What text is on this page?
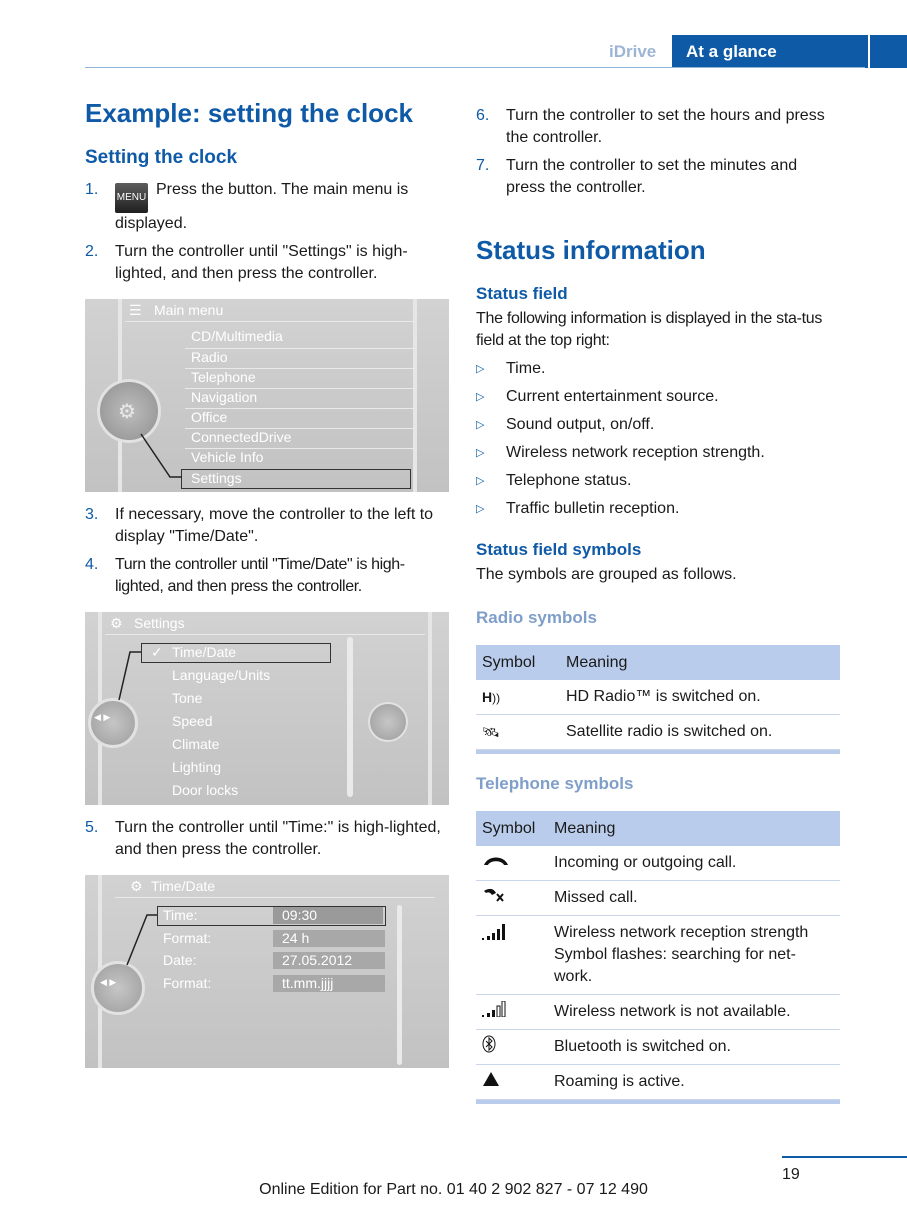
iDrive At a glance
Example: setting the clock
Setting the clock
1. MENU Press the button. The main menu is displayed.
2. Turn the controller until "Settings" is high-lighted, and then press the controller.
⚙
☰ Main menu
CD/Multimedia
Radio
Telephone
Navigation
Office
ConnectedDrive
Vehicle Info
Settings
3. If necessary, move the controller to the left to display "Time/Date".
4. Turn the controller until "Time/Date" is high-lighted, and then press the controller.
◀ ▶
⚙ Settings
✓ Time/Date
Language/Units
Tone
Speed
Climate
Lighting
Door locks
5. Turn the controller until "Time:" is high-lighted, and then press the controller.
◀ ▶
⚙ Time/Date
Time:	09:30
Format:	24 h
Date:	27.05.2012
Format:	tt.mm.jjjj
6. Turn the controller to set the hours and press the controller.
7. Turn the controller to set the minutes and press the controller.
Status information
Status field

The following information is displayed in the sta-tus field at the top right:

▷ Time.
▷ Current entertainment source.
▷ Sound output, on/off.
▷ Wireless network reception strength.
▷ Telephone status.
▷ Traffic bulletin reception.
Status field symbols

The symbols are grouped as follows.

Radio symbols
Symbol	Meaning
H))	HD Radio™ is switched on.
🛰	Satellite radio is switched on.
Telephone symbols
Symbol	Meaning
	Incoming or outgoing call.
	Missed call.
	Wireless network reception strength Symbol flashes: searching for net-work.
	Wireless network is not available.
	Bluetooth is switched on.
	Roaming is active.
19
Online Edition for Part no. 01 40 2 902 827 - 07 12 490
